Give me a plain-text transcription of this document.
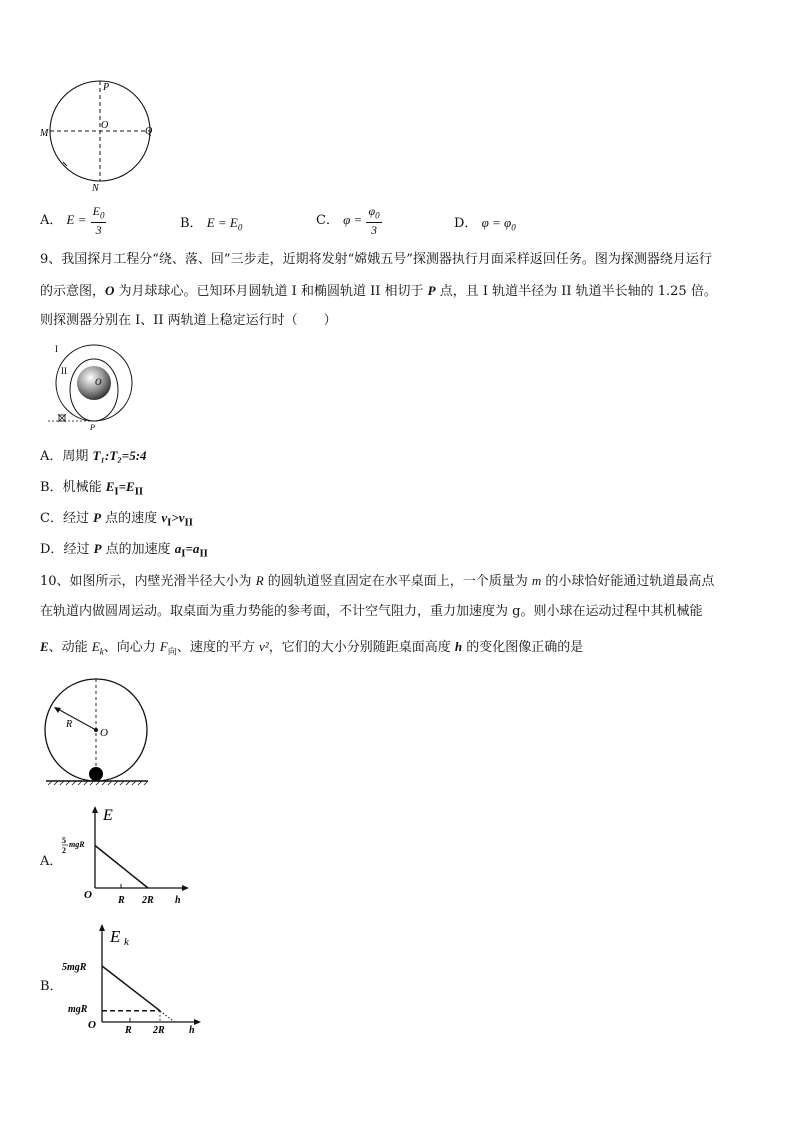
P
O
Q
M
N
A． $E = \frac{E_0}{3}$	B． $E = E_0$	C． $\varphi = \frac{\varphi_0}{3}$	D． $\varphi = \varphi_0$
9、我国探月工程分“绕、落、回”三步走，近期将发射“嫦娥五号”探测器执行月面采样返回任务。图为探测器绕月运行
的示意图，O 为月球球心。已知环月圆轨道 I 和椭圆轨道 II 相切于 P 点，且 I 轨道半径为 II 轨道半长轴的 1.25 倍。
则探测器分别在 I、II 两轨道上稳定运行时（　　）
I
II
O
P
A．周期 T₁:T₂=5:4
B．机械能 $E_I=E_{II}$
C．经过 P 点的速度 $v_I>v_{II}$
D．经过 P 点的加速度 $a_I=a_{II}$
10、如图所示，内壁光滑半径大小为 R 的圆轨道竖直固定在水平桌面上，一个质量为 m 的小球恰好能通过轨道最高点
在轨道内做圆周运动。取桌面为重力势能的参考面，不计空气阻力，重力加速度为 g。则小球在运动过程中其机械能
E、动能 $E_k$、向心力 $F_向$、速度的平方 v²，它们的大小分别随距桌面高度 h 的变化图像正确的是
R
O
A．
E
5
2
mgR
O	R 2R h
B．
E k
5mgR
mgR
O	R 2R h
